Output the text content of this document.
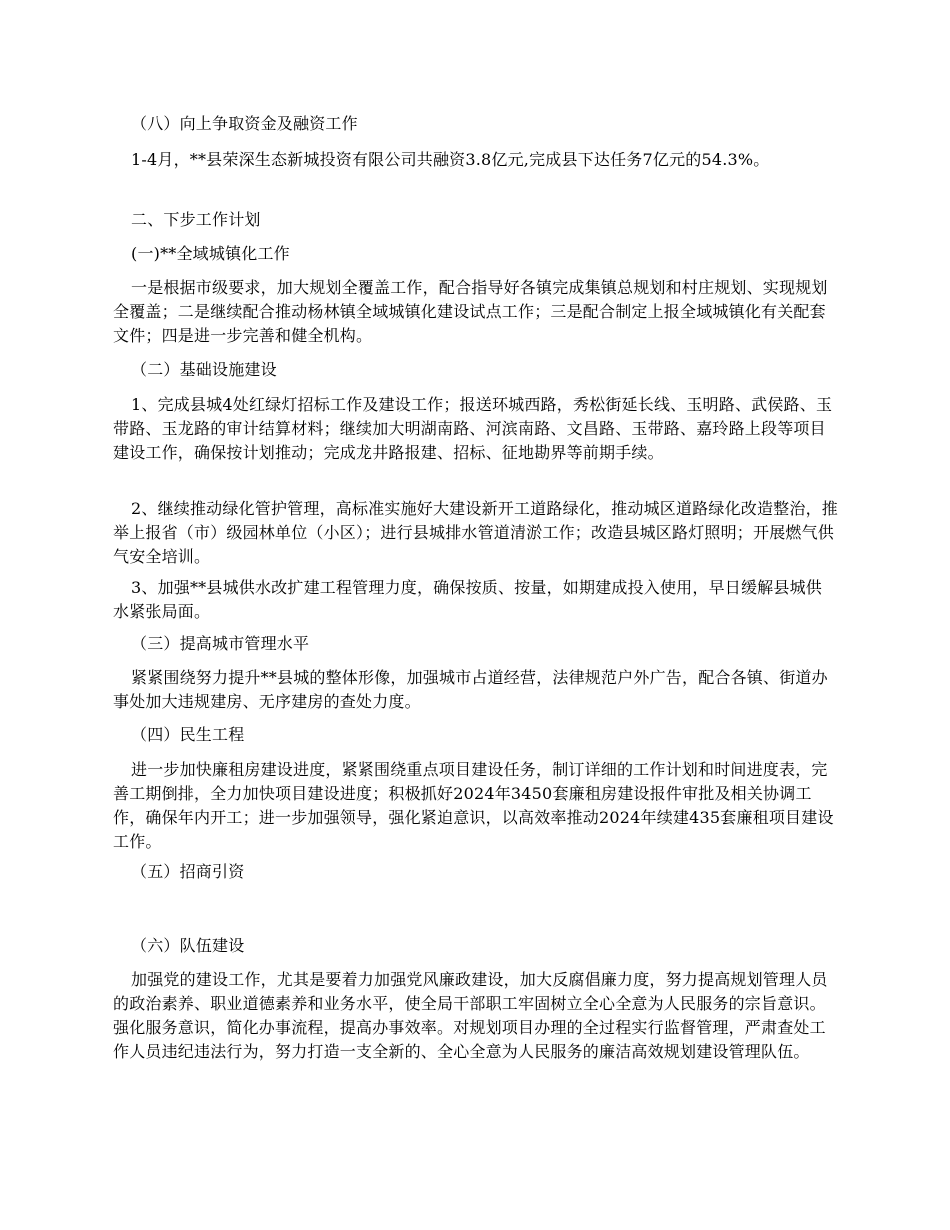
（八）向上争取资金及融资工作

1-4月，**县荣深生态新城投资有限公司共融资3.8亿元,完成县下达任务7亿元的54.3%。

二、下步工作计划

(一)**全域城镇化工作

一是根据市级要求，加大规划全覆盖工作，配合指导好各镇完成集镇总规划和村庄规划、实现规划全覆盖；二是继续配合推动杨林镇全域城镇化建设试点工作；三是配合制定上报全域城镇化有关配套文件；四是进一步完善和健全机构。

（二）基础设施建设

1、完成县城4处红绿灯招标工作及建设工作；报送环城西路，秀松街延长线、玉明路、武侯路、玉带路、玉龙路的审计结算材料；继续加大明湖南路、河滨南路、文昌路、玉带路、嘉玲路上段等项目建设工作，确保按计划推动；完成龙井路报建、招标、征地勘界等前期手续。

2、继续推动绿化管护管理，高标准实施好大建设新开工道路绿化，推动城区道路绿化改造整治，推举上报省（市）级园林单位（小区）；进行县城排水管道清淤工作；改造县城区路灯照明；开展燃气供气安全培训。

3、加强**县城供水改扩建工程管理力度，确保按质、按量，如期建成投入使用，早日缓解县城供水紧张局面。

（三）提高城市管理水平

紧紧围绕努力提升**县城的整体形像，加强城市占道经营，法律规范户外广告，配合各镇、街道办事处加大违规建房、无序建房的查处力度。

（四）民生工程

进一步加快廉租房建设进度，紧紧围绕重点项目建设任务，制订详细的工作计划和时间进度表，完善工期倒排，全力加快项目建设进度；积极抓好2024年3450套廉租房建设报件审批及相关协调工作，确保年内开工；进一步加强领导，强化紧迫意识，以高效率推动2024年续建435套廉租项目建设工作。

（五）招商引资

（六）队伍建设

加强党的建设工作，尤其是要着力加强党风廉政建设，加大反腐倡廉力度，努力提高规划管理人员的政治素养、职业道德素养和业务水平，使全局干部职工牢固树立全心全意为人民服务的宗旨意识。强化服务意识，简化办事流程，提高办事效率。对规划项目办理的全过程实行监督管理，严肃查处工作人员违纪违法行为，努力打造一支全新的、全心全意为人民服务的廉洁高效规划建设管理队伍。
